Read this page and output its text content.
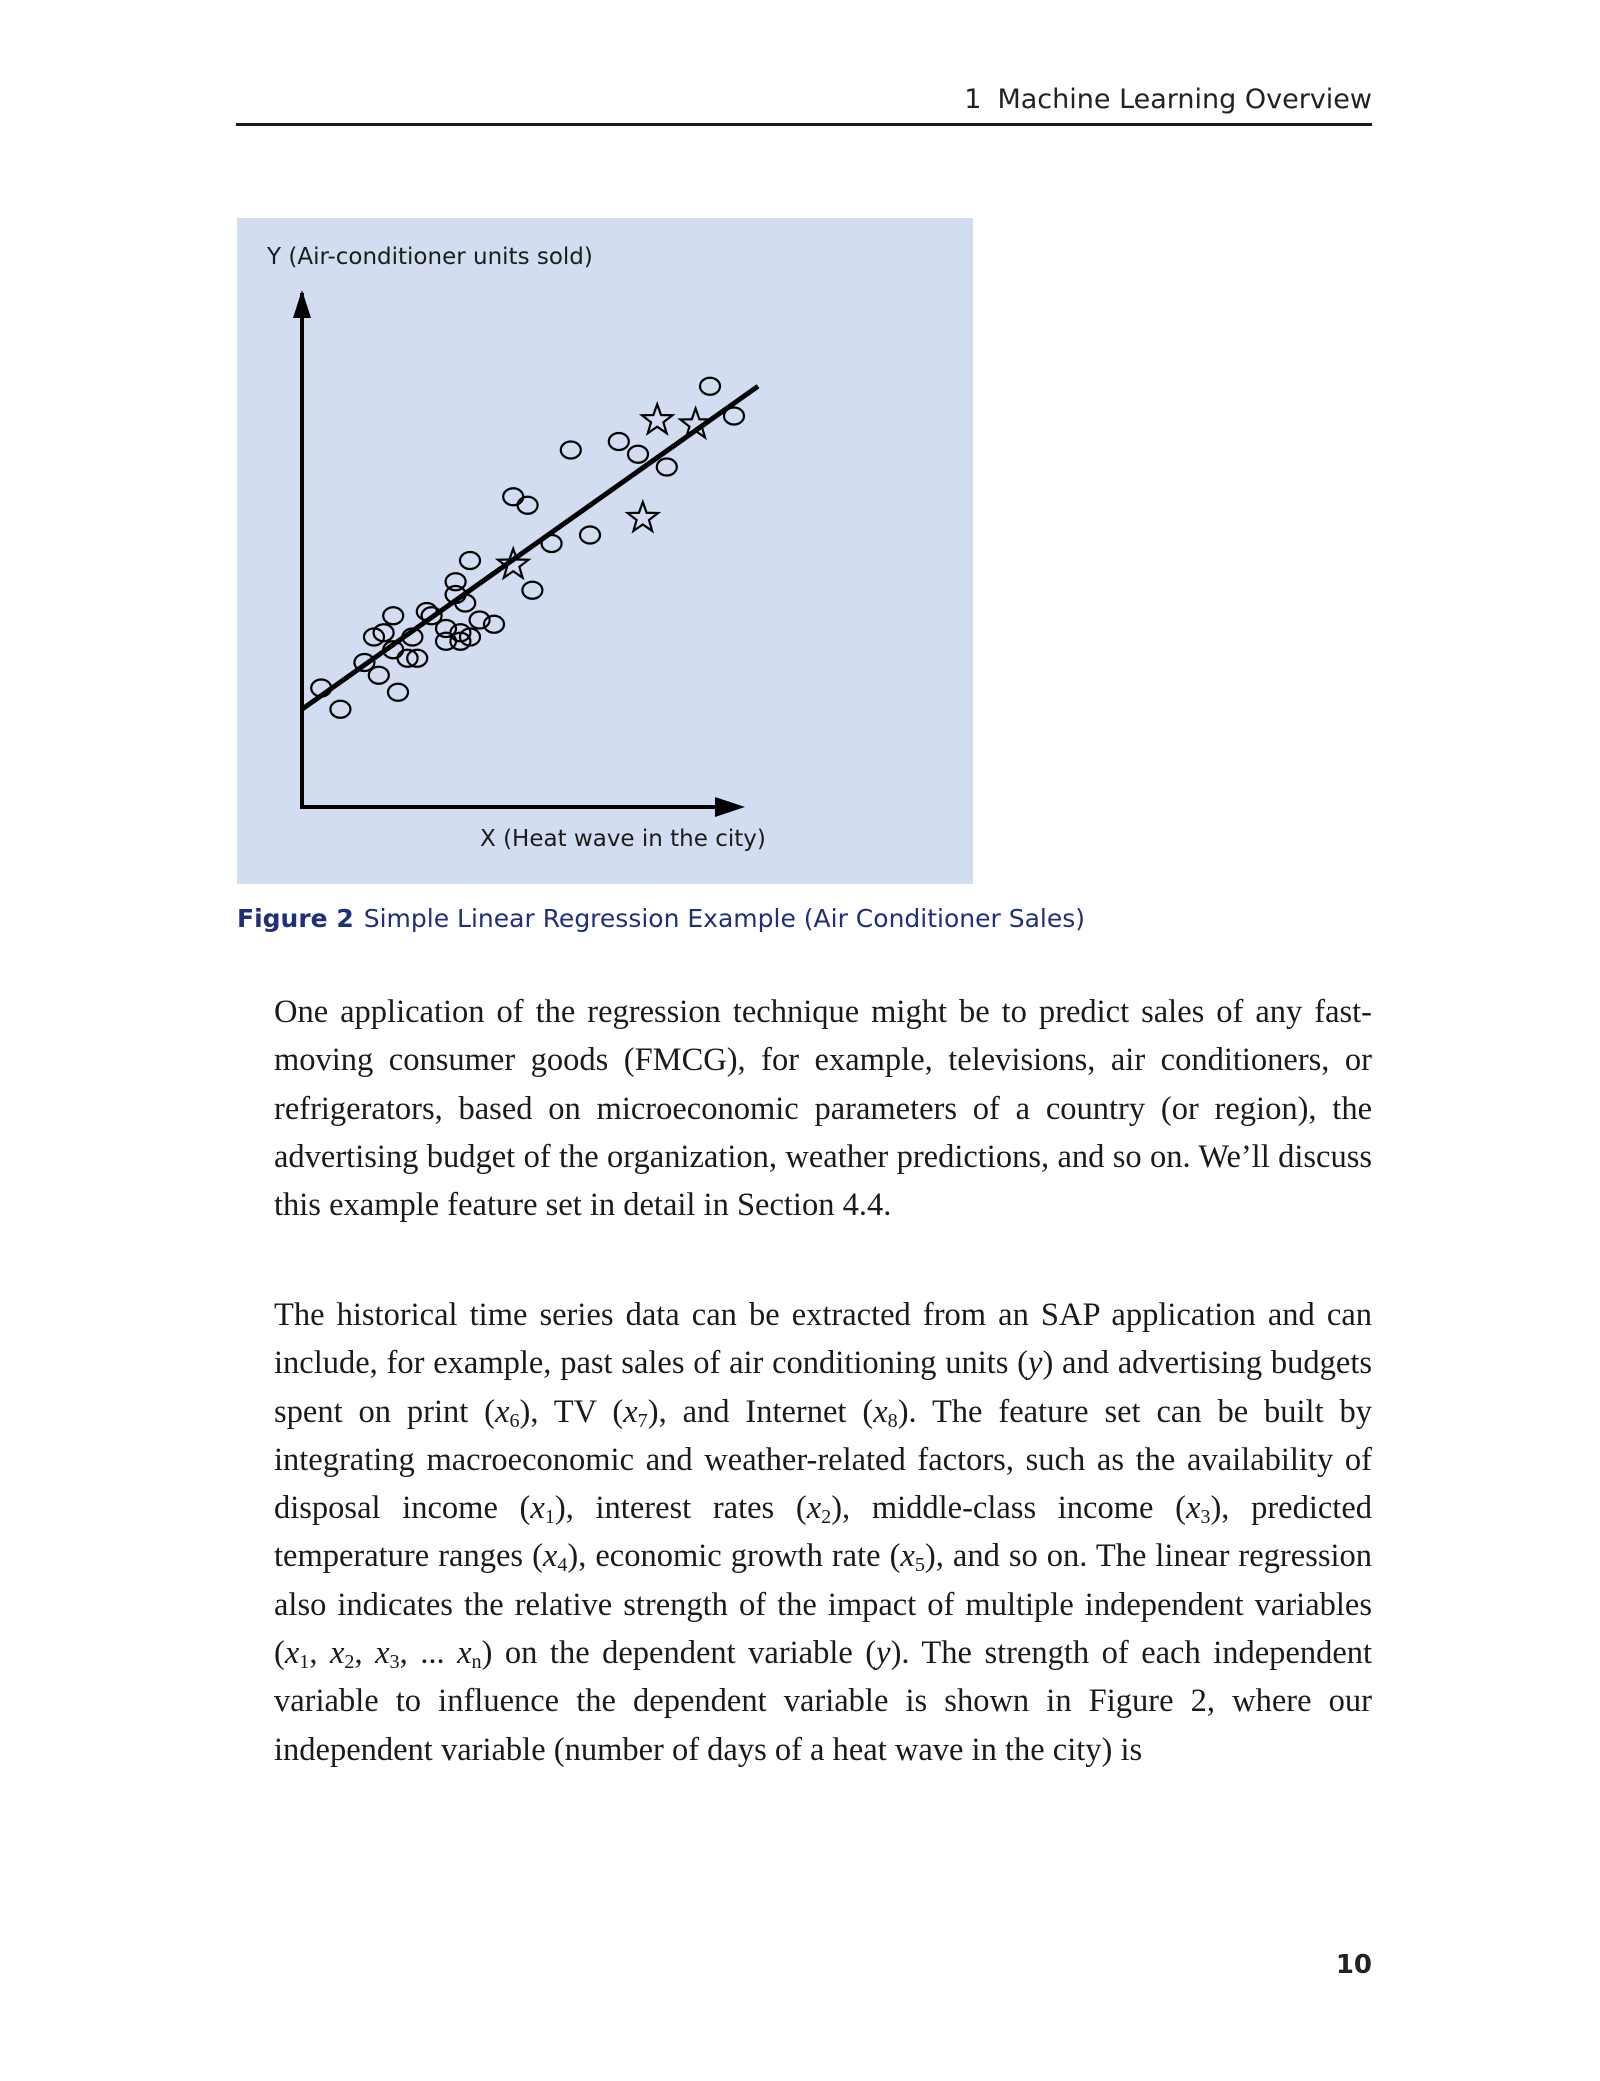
1 Machine Learning Overview
Y (Air-conditioner units sold)
X (Heat wave in the city)
Figure 2 Simple Linear Regression Example (Air Conditioner Sales)

One application of the regression technique might be to predict sales of any fast-moving consumer goods (FMCG), for example, televisions, air conditioners, or refrigerators, based on microeconomic parameters of a country (or region), the advertising budget of the organization, weather predictions, and so on. We’ll discuss this example feature set in detail in Section 4.4.

The historical time series data can be extracted from an SAP application and can include, for example, past sales of air conditioning units (y) and advertising budgets spent on print $(x_6)$, TV $(x_7)$, and Internet $(x_8)$. The feature set can be built by integrating macroeconomic and weather-related factors, such as the availability of disposal income $(x_1)$, interest rates $(x_2)$, middle-class income $(x_3)$, predicted temperature ranges $(x_4)$, economic growth rate $(x_5)$, and so on. The linear regression also indicates the relative strength of the impact of multiple independent variables ($x_1$, $x_2$, $x_3$, ... $x_n$) on the dependent variable (y). The strength of each independent variable to influence the dependent variable is shown in Figure 2, where our independent variable (number of days of a heat wave in the city) is

10
